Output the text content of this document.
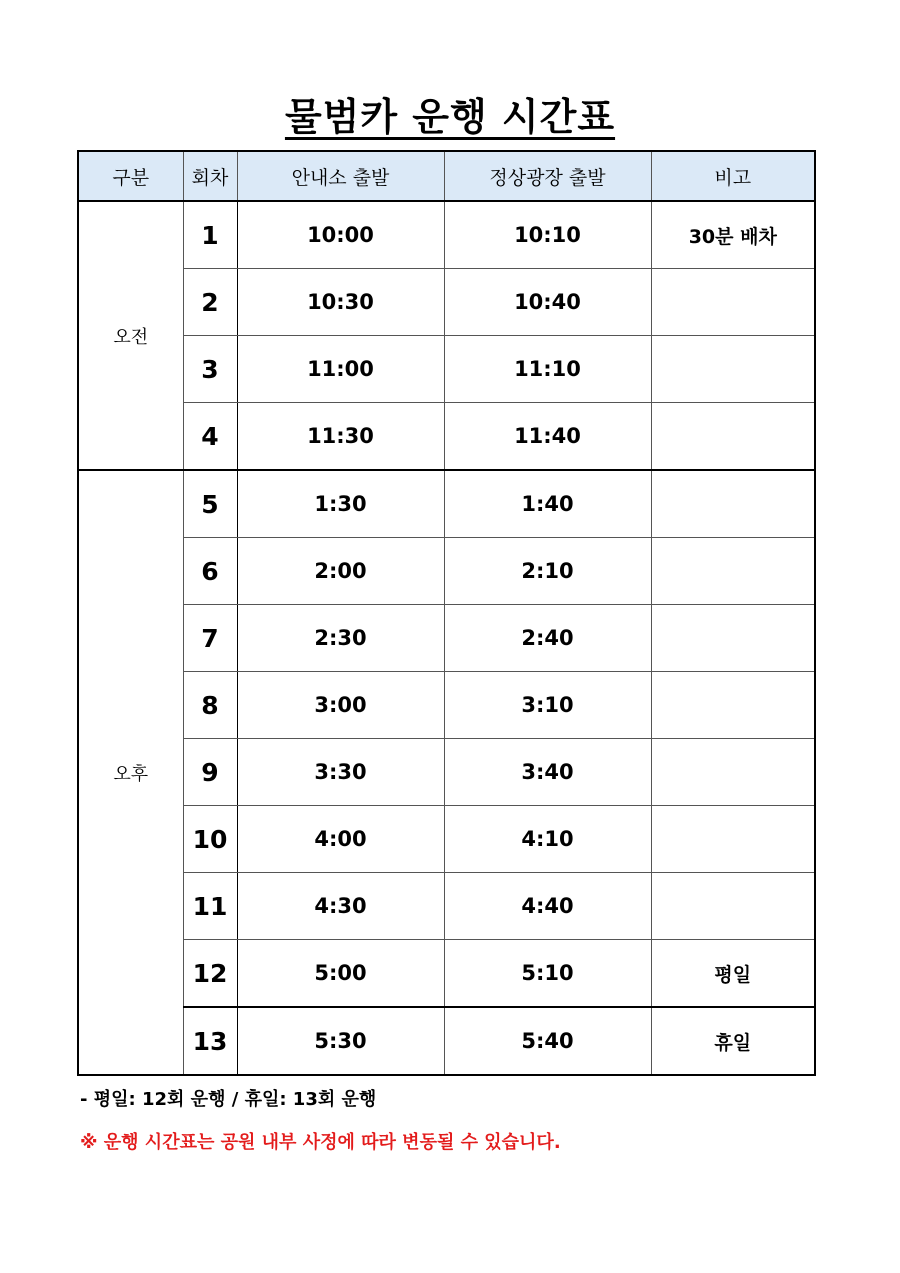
물범카 운행 시간표
구분	회차	안내소 출발	정상광장 출발	비고
오전	1	10:00	10:10	30분 배차
	2	10:30	10:40	
	3	11:00	11:10	
	4	11:30	11:40	
오후	5	1:30	1:40	
	6	2:00	2:10	
	7	2:30	2:40	
	8	3:00	3:10	
	9	3:30	3:40	
	10	4:00	4:10	
	11	4:30	4:40	
	12	5:00	5:10	평일
	13	5:30	5:40	휴일
- 평일: 12회 운행 / 휴일: 13회 운행
※ 운행 시간표는 공원 내부 사정에 따라 변동될 수 있습니다.
